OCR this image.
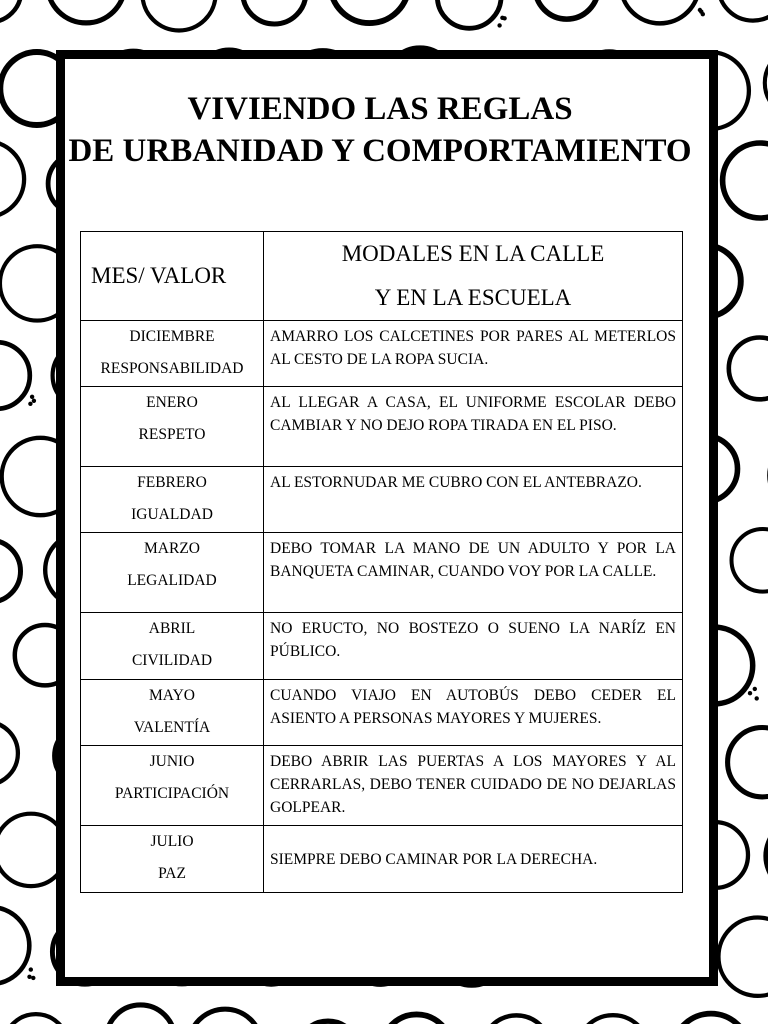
VIVIENDO LAS REGLAS
DE URBANIDAD Y COMPORTAMIENTO
MES/ VALOR	MODALES EN LA CALLE
Y EN LA ESCUELA

DICIEMBRE
RESPONSABILIDAD	AMARRO LOS CALCETINES POR PARES AL METERLOS AL CESTO DE LA ROPA SUCIA.

ENERO
RESPETO	AL LLEGAR A CASA, EL UNIFORME ESCOLAR DEBO CAMBIAR Y NO DEJO ROPA TIRADA EN EL PISO.

FEBRERO
IGUALDAD	AL ESTORNUDAR ME CUBRO CON EL ANTEBRAZO.

MARZO
LEGALIDAD	DEBO TOMAR LA MANO DE UN ADULTO Y POR LA BANQUETA CAMINAR, CUANDO VOY POR LA CALLE.

ABRIL
CIVILIDAD	NO ERUCTO, NO BOSTEZO O SUENO LA NARÍZ EN PÚBLICO.

MAYO
VALENTÍA	CUANDO VIAJO EN AUTOBÚS DEBO CEDER EL ASIENTO A PERSONAS MAYORES Y MUJERES.

JUNIO
PARTICIPACIÓN	DEBO ABRIR LAS PUERTAS A LOS MAYORES Y AL CERRARLAS, DEBO TENER CUIDADO DE NO DEJARLAS GOLPEAR.

JULIO
PAZ	SIEMPRE DEBO CAMINAR POR LA DERECHA.
